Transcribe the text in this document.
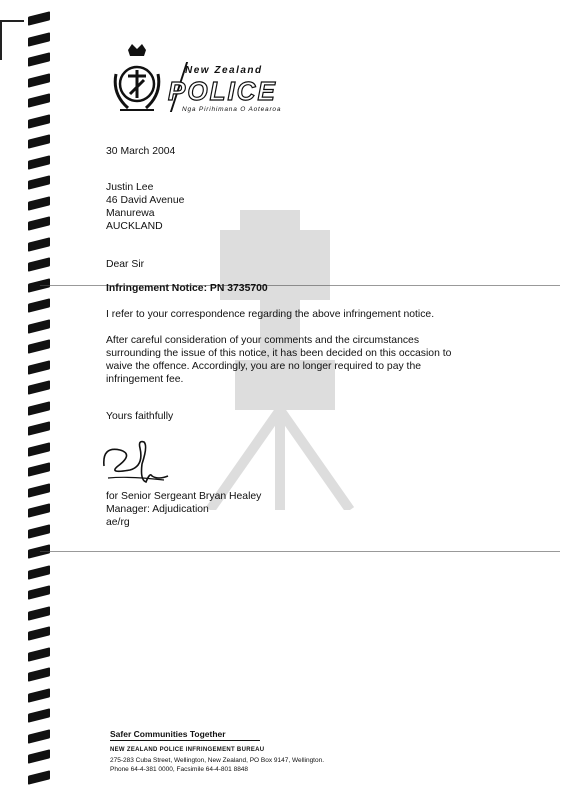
New Zealand
POLICE
Nga Pirihimana O Aotearoa
30 March 2004
Justin Lee
46 David Avenue
Manurewa
AUCKLAND
Dear Sir
Infringement Notice: PN 3735700
I refer to your correspondence regarding the above infringement notice.
After careful consideration of your comments and the circumstances
surrounding the issue of this notice, it has been decided on this occasion to
waive the offence. Accordingly, you are no longer required to pay the
infringement fee.
Yours faithfully
for Senior Sergeant Bryan Healey
Manager: Adjudication
ae/rg
Safer Communities Together
NEW ZEALAND POLICE INFRINGEMENT BUREAU
275-283 Cuba Street, Wellington, New Zealand, PO Box 9147, Wellington.
Phone 64-4-381 0000, Facsimile 64-4-801 8848
